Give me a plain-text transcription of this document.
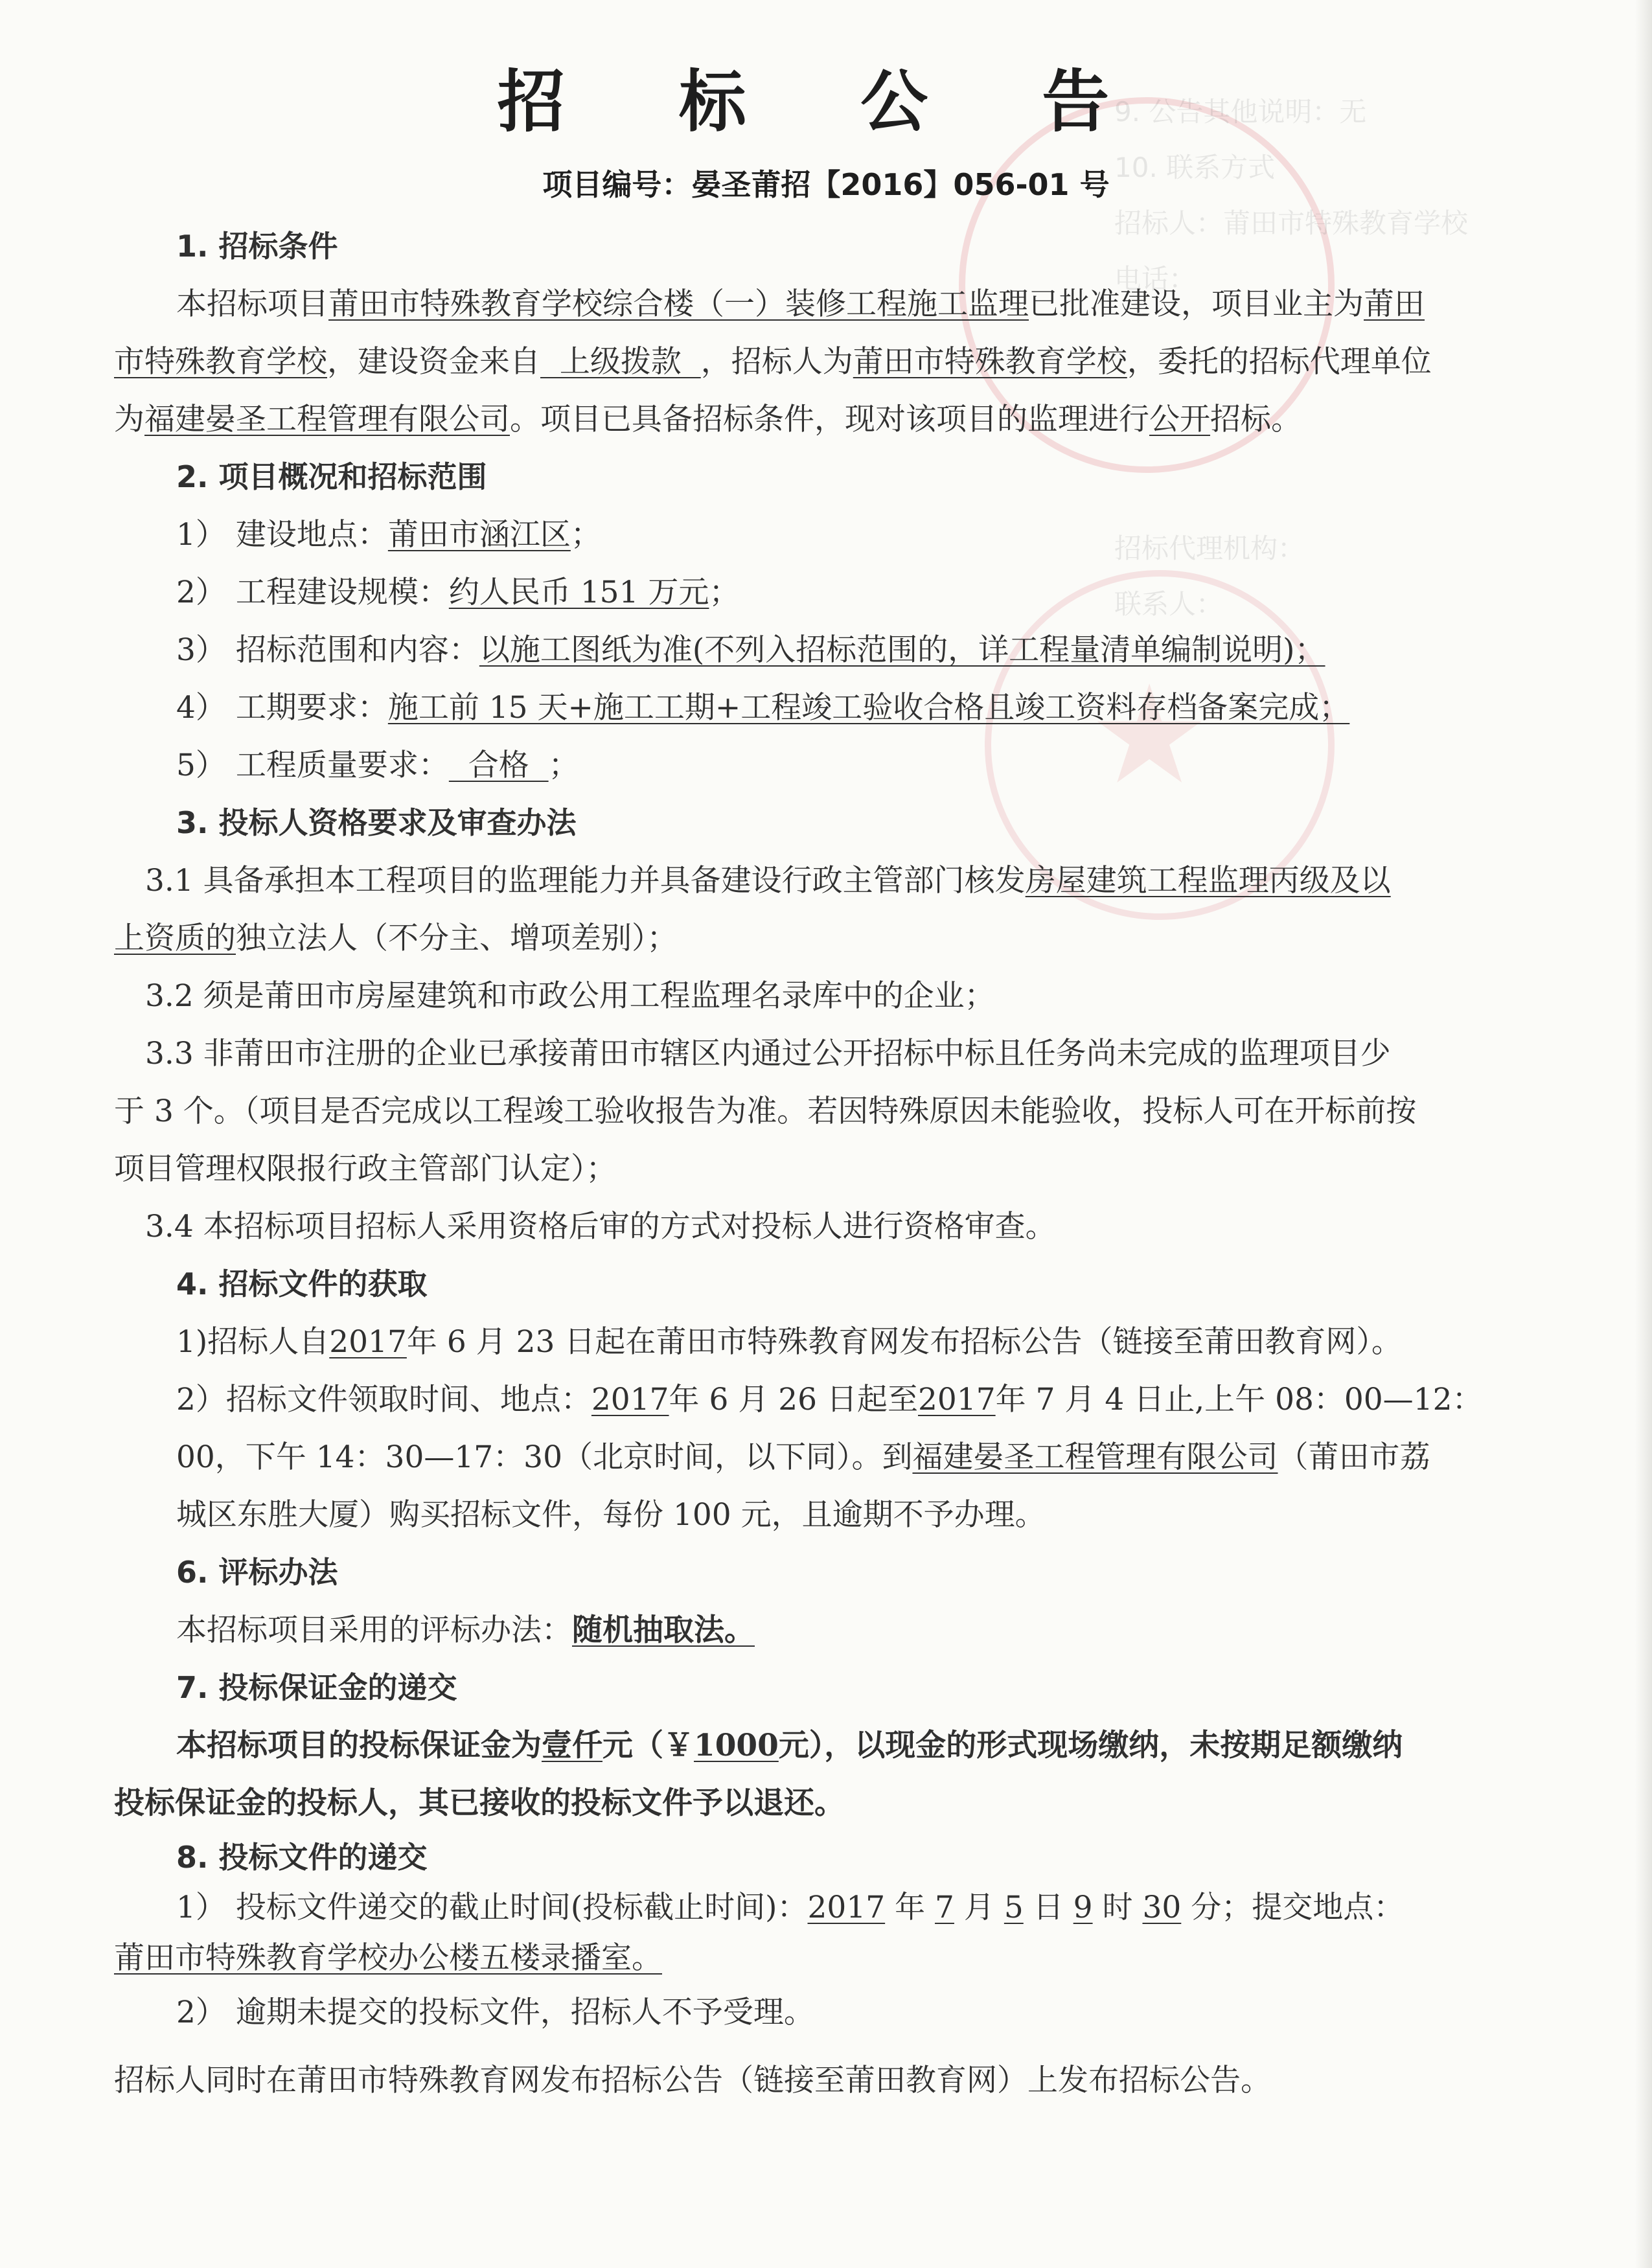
★
9. 公告其他说明：无
10. 联系方式
招标人：莆田市特殊教育学校
电话：
招标代理机构：
联系人：
招 标 公 告
项目编号：晏圣莆招【2016】056-01 号
1. 招标条件
本招标项目莆田市特殊教育学校综合楼（一）装修工程施工监理已批准建设，项目业主为莆田
市特殊教育学校，建设资金来自  上级拨款  ，招标人为莆田市特殊教育学校，委托的招标代理单位
为福建晏圣工程管理有限公司。项目已具备招标条件，现对该项目的监理进行公开招标。
2. 项目概况和招标范围
1） 建设地点：莆田市涵江区；
2） 工程建设规模：约人民币 151 万元；
3） 招标范围和内容：以施工图纸为准(不列入招标范围的，详工程量清单编制说明)；
4） 工期要求：施工前 15 天+施工工期+工程竣工验收合格且竣工资料存档备案完成；
5） 工程质量要求：  合格  ；
3. 投标人资格要求及审查办法
3.1 具备承担本工程项目的监理能力并具备建设行政主管部门核发房屋建筑工程监理丙级及以
上资质的独立法人（不分主、增项差别）；
3.2 须是莆田市房屋建筑和市政公用工程监理名录库中的企业；
3.3 非莆田市注册的企业已承接莆田市辖区内通过公开招标中标且任务尚未完成的监理项目少
于 3 个。（项目是否完成以工程竣工验收报告为准。若因特殊原因未能验收，投标人可在开标前按
项目管理权限报行政主管部门认定）；
3.4 本招标项目招标人采用资格后审的方式对投标人进行资格审查。
4. 招标文件的获取
1)招标人自2017年 6 月 23 日起在莆田市特殊教育网发布招标公告（链接至莆田教育网）。
2）招标文件领取时间、地点：2017年 6 月 26 日起至2017年 7 月 4 日止,上午 08：00—12：
00，下午 14：30—17：30（北京时间，以下同）。到福建晏圣工程管理有限公司（莆田市荔
城区东胜大厦）购买招标文件，每份 100 元，且逾期不予办理。
6. 评标办法
本招标项目采用的评标办法：随机抽取法。
7. 投标保证金的递交
本招标项目的投标保证金为壹仟元（￥1000元），以现金的形式现场缴纳，未按期足额缴纳
投标保证金的投标人，其已接收的投标文件予以退还。
8. 投标文件的递交
1） 投标文件递交的截止时间(投标截止时间)：2017 年 7 月 5 日 9 时 30 分；提交地点：
莆田市特殊教育学校办公楼五楼录播室。
2） 逾期未提交的投标文件，招标人不予受理。
招标人同时在莆田市特殊教育网发布招标公告（链接至莆田教育网）上发布招标公告。
